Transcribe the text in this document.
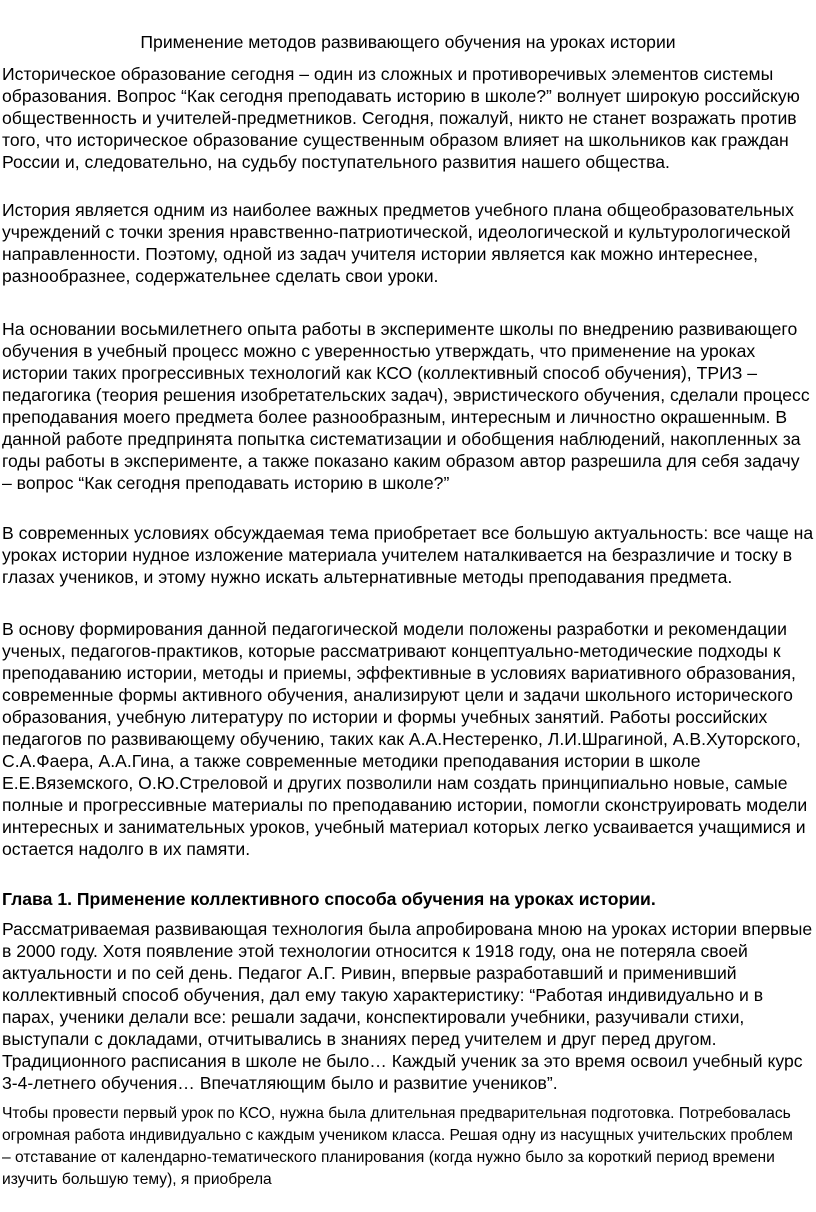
Применение методов развивающего обучения на уроках истории

Историческое образование сегодня – один из сложных и противоречивых элементов системы образования. Вопрос “Как сегодня преподавать историю в школе?” волнует широкую российскую общественность и учителей-предметников. Сегодня, пожалуй, никто не станет возражать против того, что историческое образование существенным образом влияет на школьников как граждан России и, следовательно, на судьбу поступательного развития нашего общества.

История является одним из наиболее важных предметов учебного плана общеобразовательных учреждений с точки зрения нравственно-патриотической, идеологической и культурологической направленности. Поэтому, одной из задач учителя истории является как можно интереснее, разнообразнее, содержательнее сделать свои уроки.

На основании восьмилетнего опыта работы в эксперименте школы по внедрению развивающего обучения в учебный процесс можно с уверенностью утверждать, что применение на уроках истории таких прогрессивных технологий как КСО (коллективный способ обучения), ТРИЗ – педагогика (теория решения изобретательских задач), эвристического обучения, сделали процесс преподавания моего предмета более разнообразным, интересным и личностно окрашенным. В данной работе предпринята попытка систематизации и обобщения наблюдений, накопленных за годы работы в эксперименте, а также показано каким образом автор разрешила для себя задачу – вопрос “Как сегодня преподавать историю в школе?”

В современных условиях обсуждаемая тема приобретает все большую актуальность: все чаще на уроках истории нудное изложение материала учителем наталкивается на безразличие и тоску в глазах учеников, и этому нужно искать альтернативные методы преподавания предмета.

В основу формирования данной педагогической модели положены разработки и рекомендации ученых, педагогов-практиков, которые рассматривают концептуально-методические подходы к преподаванию истории, методы и приемы, эффективные в условиях вариативного образования, современные формы активного обучения, анализируют цели и задачи школьного исторического образования, учебную литературу по истории и формы учебных занятий. Работы российских педагогов по развивающему обучению, таких как А.А.Нестеренко, Л.И.Шрагиной, А.В.Хуторского, С.А.Фаера, А.А.Гина, а также современные методики преподавания истории в школе Е.Е.Вяземского, О.Ю.Стреловой и других позволили нам создать принципиально новые, самые полные и прогрессивные материалы по преподаванию истории, помогли сконструировать модели интересных и занимательных уроков, учебный материал которых легко усваивается учащимися и остается надолго в их памяти.

Глава 1. Применение коллективного способа обучения на уроках истории.

Рассматриваемая развивающая технология была апробирована мною на уроках истории впервые в 2000 году. Хотя появление этой технологии относится к 1918 году, она не потеряла своей актуальности и по сей день. Педагог А.Г. Ривин, впервые разработавший и применивший коллективный способ обучения, дал ему такую характеристику: “Работая индивидуально и в парах, ученики делали все: решали задачи, конспектировали учебники, разучивали стихи, выступали с докладами, отчитывались в знаниях перед учителем и друг перед другом. Традиционного расписания в школе не было… Каждый ученик за это время освоил учебный курс 3-4-летнего обучения… Впечатляющим было и развитие учеников”.

Чтобы провести первый урок по КСО, нужна была длительная предварительная подготовка. Потребовалась огромная работа индивидуально с каждым учеником класса. Решая одну из насущных учительских проблем – отставание от календарно-тематического планирования (когда нужно было за короткий период времени изучить большую тему), я приобрела
